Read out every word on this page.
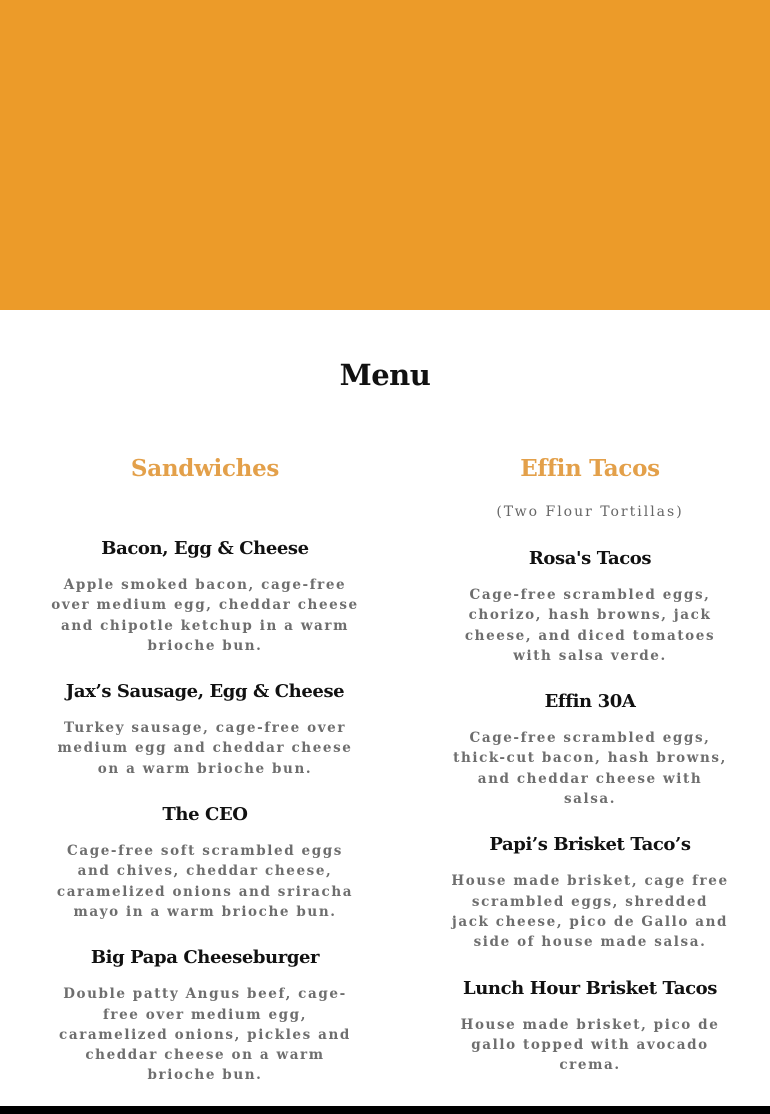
Menu
Sandwiches
Bacon, Egg & Cheese

Apple smoked bacon, cage-free over medium egg, cheddar cheese and chipotle ketchup in a warm brioche bun.

Jax’s Sausage, Egg & Cheese

Turkey sausage, cage-free over medium egg and cheddar cheese on a warm brioche bun.

The CEO

Cage-free soft scrambled eggs and chives, cheddar cheese, caramelized onions and sriracha mayo in a warm brioche bun.

Big Papa Cheeseburger

Double patty Angus beef, cage-free over medium egg, caramelized onions, pickles and cheddar cheese on a warm brioche bun.

Effin Tacos

(Two Flour Tortillas)

Rosa's Tacos

Cage-free scrambled eggs, chorizo, hash browns, jack cheese, and diced tomatoes with salsa verde.

Effin 30A

Cage-free scrambled eggs, thick-cut bacon, hash browns, and cheddar cheese with salsa.

Papi’s Brisket Taco’s

House made brisket, cage free scrambled eggs, shredded jack cheese, pico de Gallo and side of house made salsa.

Lunch Hour Brisket Tacos

House made brisket, pico de gallo topped with avocado crema.
